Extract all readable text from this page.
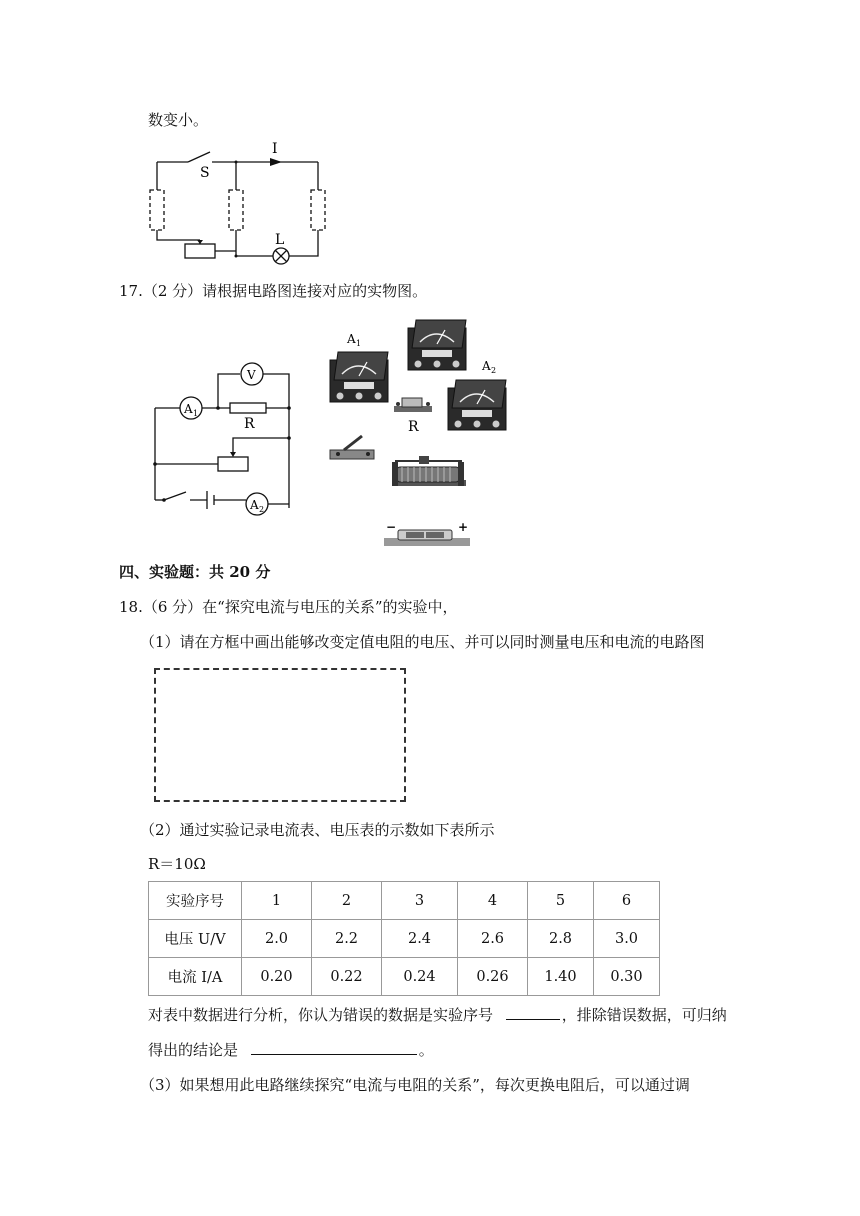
数变小。
S
I
L
17.（2 分）请根据电路图连接对应的实物图。
V
A 1
R
A 2
A 1
A 2
R
−	+
四、实验题：共 20 分
18.（6 分）在“探究电流与电压的关系”的实验中，
（1）请在方框中画出能够改变定值电阻的电压、并可以同时测量电压和电流的电路图
（2）通过实验记录电流表、电压表的示数如下表所示
R＝10Ω
实验序号	1	2	3	4	5	6
电压 U/V	2.0	2.2	2.4	2.6	2.8	3.0
电流 I/A	0.20	0.22	0.24	0.26	1.40	0.30
对表中数据进行分析，你认为错误的数据是实验序号	，排除错误数据，可归纳
得出的结论是	。
（3）如果想用此电路继续探究“电流与电阻的关系”，每次更换电阻后，可以通过调
